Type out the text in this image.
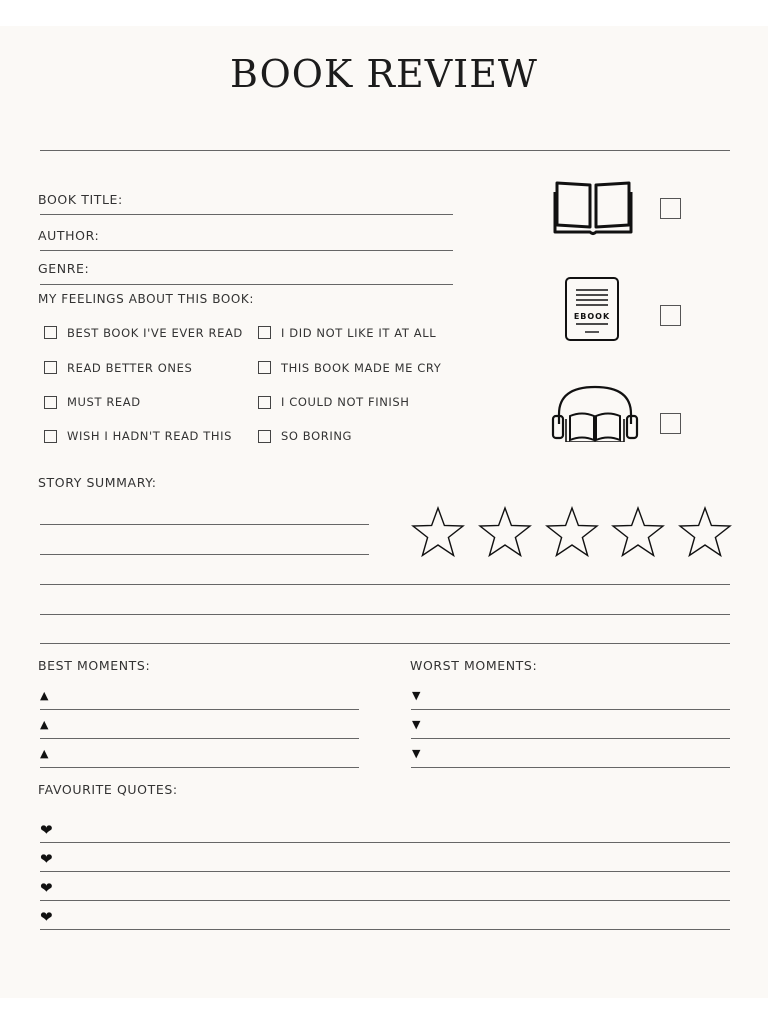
BOOK REVIEW
BOOK TITLE:
AUTHOR:
GENRE:
MY FEELINGS ABOUT THIS BOOK:
BEST BOOK I'VE EVER READ
READ BETTER ONES
MUST READ
WISH I HADN'T READ THIS
I DID NOT LIKE IT AT ALL
THIS BOOK MADE ME CRY
I COULD NOT FINISH
SO BORING
EBOOK
STORY SUMMARY:
BEST MOMENTS:
▲
▲
▲
WORST MOMENTS:
▼
▼
▼
FAVOURITE QUOTES:
❤
❤
❤
❤
